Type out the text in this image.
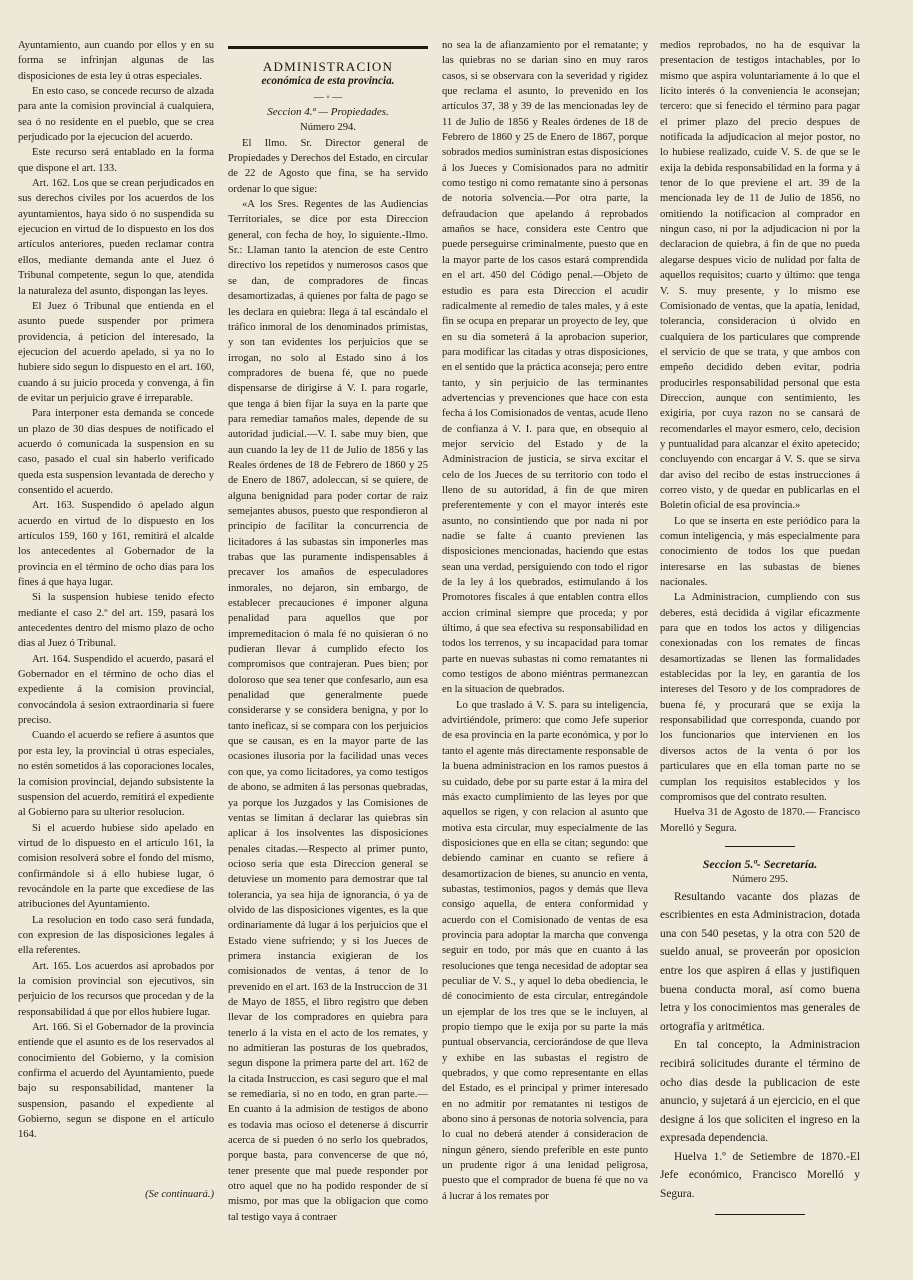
Ayuntamiento, aun cuando por ellos y en su forma se infrinjan algunas de las disposiciones de esta ley ú otras especiales.

En esto caso, se concede recurso de alzada para ante la comision provincial á cualquiera, sea ó no residente en el pueblo, que se crea perjudicado por la ejecucion del acuerdo.

Este recurso será entablado en la forma que dispone el art. 133.

Art. 162. Los que se crean perjudicados en sus derechos civiles por los acuerdos de los ayuntamientos, haya sido ó no suspendida su ejecucion en virtud de lo dispuesto en los dos artículos anteriores, pueden reclamar contra ellos, mediante demanda ante el Juez ó Tribunal competente, segun lo que, atendida la naturaleza del asunto, dispongan las leyes.

El Juez ó Tribunal que entienda en el asunto puede suspender por primera providencia, á peticion del interesado, la ejecucion del acuerdo apelado, si ya no lo hubiere sido segun lo dispuesto en el art. 160, cuando á su juicio proceda y convenga, á fin de evitar un perjuicio grave é irreparable.

Para interponer esta demanda se concede un plazo de 30 dias despues de notificado el acuerdo ó comunicada la suspension en su caso, pasado el cual sin haberlo verificado queda esta suspension levantada de derecho y consentido el acuerdo.

Art. 163. Suspendido ó apelado algun acuerdo en virtud de lo dispuesto en los artículos 159, 160 y 161, remitirá el alcalde los antecedentes al Gobernador de la provincia en el término de ocho dias para los fines á que haya lugar.

Si la suspension hubiese tenido efecto mediante el caso 2.º del art. 159, pasará los antecedentes dentro del mismo plazo de ocho dias al Juez ó Tribunal.

Art. 164. Suspendido el acuerdo, pasará el Gobernador en el término de ocho dias el expediente á la comision provincial, convocándola á sesion extraordinaria si fuere preciso.

Cuando el acuerdo se refiere á asuntos que por esta ley, la provincial ú otras especiales, no estén sometidos á las coporaciones locales, la comision provincial, dejando subsistente la suspension del acuerdo, remitirá el expediente al Gobierno para su ulterior resolucion.

Si el acuerdo hubiese sido apelado en virtud de lo dispuesto en el artículo 161, la comision resolverá sobre el fondo del mismo, confirmándole si á ello hubiese lugar, ó revocándole en la parte que excediese de las atribuciones del Ayuntamiento.

La resolucion en todo caso será fundada, con expresion de las disposiciones legales á ella referentes.

Art. 165. Los acuerdos así aprobados por la comision provincial son ejecutivos, sin perjuicio de los recursos que procedan y de la responsabilidad á que por ellos hubiere lugar.

Art. 166. Si el Gobernador de la provincia entiende que el asunto es de los reservados al conocimiento del Gobierno, y la comision confirma el acuerdo del Ayuntamiento, puede bajo su responsabilidad, mantener la suspension, pasando el expediente al Gobierno, segun se dispone en el artículo 164.

(Se continuará.)

ADMINISTRACION

económica de esta provincia.

— ◦ —

Seccion 4.ª — Propiedades.

Número 294.

El Ilmo. Sr. Director general de Propiedades y Derechos del Estado, en circular de 22 de Agosto que fina, se ha servido ordenar lo que sigue:

«A los Sres. Regentes de las Audiencias Territoriales, se dice por esta Direccion general, con fecha de hoy, lo siguiente.-Ilmo. Sr.: Llaman tanto la atencion de este Centro directivo los repetidos y numerosos casos que se dan, de compradores de fincas desamortizadas, á quienes por falta de pago se les declara en quiebra: llega á tal escándalo el tráfico inmoral de los denominados primistas, y son tan evidentes los perjuicios que se irrogan, no solo al Estado sino á los compradores de buena fé, que no puede dispensarse de dirigirse á V. I. para rogarle, que tenga á bien fijar la suya en la parte que para remediar tamaños males, depende de su autoridad judicial.—V. I. sabe muy bien, que aun cuando la ley de 11 de Julio de 1856 y las Reales órdenes de 18 de Febrero de 1860 y 25 de Enero de 1867, adoleccan, si se quiere, de alguna benignidad para poder cortar de raiz semejantes abusos, puesto que respondieron al principio de facilitar la concurrencia de licitadores á las subastas sin imponerles mas trabas que las puramente indispensables á precaver los amaños de especuladores inmorales, no dejaron, sin embargo, de establecer precauciones é imponer alguna penalidad para aquellos que por impremeditacion ó mala fé no quisieran ó no pudieran llevar á cumplido efecto los compromisos que contrajeran. Pues bien; por doloroso que sea tener que confesarlo, aun esa penalidad que generalmente puede considerarse y se considera benigna, y por lo tanto ineficaz, si se compara con los perjuicios que se causan, es en la mayor parte de las ocasiones ilusoria por la facilidad unas veces con que, ya como licitadores, ya como testigos de abono, se admiten á las personas quebradas, ya porque los Juzgados y las Comisiones de ventas se limitan á declarar las quiebras sin aplicar á los insolventes las disposiciones penales citadas.—Respecto al primer punto, ocioso seria que esta Direccion general se detuviese un momento para demostrar que tal tolerancia, ya sea hija de ignorancia, ó ya de olvido de las disposiciones vigentes, es la que ordinariamente dá lugar á los perjuicios que el Estado viene sufriendo; y si los Jueces de primera instancia exigieran de los comisionados de ventas, á tenor de lo prevenido en el art. 163 de la Instruccion de 31 de Mayo de 1855, el libro registro que deben llevar de los compradores en quiebra para tenerlo á la vista en el acto de los remates, y no admitieran las posturas de los quebrados, segun dispone la primera parte del art. 162 de la citada Instruccion, es casi seguro que el mal se remediaria, si no en todo, en gran parte.—En cuanto á la admision de testigos de abono es todavia mas ocioso el detenerse á discurrir acerca de si pueden ó no serlo los quebrados, porque basta, para convencerse de que nó, tener presente que mal puede responder por otro aquel que no ha podido responder de sí mismo, por mas que la obligacion que como tal testigo vaya á contraer

no sea la de afianzamiento por el rematante; y las quiebras no se darian sino en muy raros casos, si se observara con la severidad y rigidez que reclama el asunto, lo prevenido en los artículos 37, 38 y 39 de las mencionadas ley de 11 de Julio de 1856 y Reales órdenes de 18 de Febrero de 1860 y 25 de Enero de 1867, porque sobrados medios suministran estas disposiciones á los Jueces y Comisionados para no admitir como testigo ni como rematante sino á personas de notoria solvencia.—Por otra parte, la defraudacion que apelando á reprobados amaños se hace, considera este Centro que puede perseguirse criminalmente, puesto que en la mayor parte de los casos estará comprendida en el art. 450 del Código penal.—Objeto de estudio es para esta Direccion el acudir radicalmente al remedio de tales males, y á este fin se ocupa en preparar un proyecto de ley, que en su dia someterá á la aprobacion superior, para modificar las citadas y otras disposiciones, en el sentido que la práctica aconseja; pero entre tanto, y sin perjuicio de las terminantes advertencias y prevenciones que hace con esta fecha á los Comisionados de ventas, acude lleno de confianza á V. I. para que, en obsequio al mejor servicio del Estado y de la Administracion de justicia, se sirva excitar el celo de los Jueces de su territorio con todo el lleno de su autoridad, á fin de que miren preferentemente y con el mayor interés este asunto, no consintiendo que por nada ni por nadie se falte á cuanto previenen las disposiciones mencionadas, haciendo que estas sean una verdad, persiguiendo con todo el rigor de la ley á los quebrados, estimulando á los Promotores fiscales á que entablen contra ellos accion criminal siempre que proceda; y por último, á que sea efectiva su responsabilidad en todos los terrenos, y su incapacidad para tomar parte en nuevas subastas ni como rematantes ni como testigos de abono miéntras permanezcan en la situacion de quebrados.

Lo que traslado á V. S. para su inteligencia, advirtiéndole, primero: que como Jefe superior de esa provincia en la parte económica, y por lo tanto el agente más directamente responsable de la buena administracion en los ramos puestos á su cuidado, debe por su parte estar á la mira del más exacto cumplimiento de las leyes por que aquellos se rigen, y con relacion al asunto que motiva esta circular, muy especialmente de las disposiciones que en ella se citan; segundo: que debiendo caminar en cuanto se refiere á desamortizacion de bienes, su anuncio en venta, subastas, testimonios, pagos y demás que lleva consigo aquella, de entera conformidad y acuerdo con el Comisionado de ventas de esa provincia para adoptar la marcha que convenga seguir en todo, por más que en cuanto á las resoluciones que tenga necesidad de adoptar sea peculiar de V. S., y aquel lo deba obediencia, le dé conocimiento de esta circular, entregándole un ejemplar de los tres que se le incluyen, al propio tiempo que le exija por su parte la más puntual observancia, cerciorándose de que lleva y exhibe en las subastas el registro de quebrados, y que como representante en ellas del Estado, es el principal y primer interesado en no admitir por rematantes ni testigos de abono sino á personas de notoria solvencia, para lo cual no deberá atender á consideracion de ningun género, siendo preferible en este punto un prudente rigor á una lenidad peligrosa, puesto que el comprador de buena fé que no va á lucrar á los remates por

medios reprobados, no ha de esquivar la presentacion de testigos intachables, por lo mismo que aspira voluntariamente á lo que el lícito interés ó la conveniencia le aconsejan; tercero: que si fenecido el término para pagar el primer plazo del precio despues de notificada la adjudicacion al mejor postor, no lo hubiese realizado, cuide V. S. de que se le exija la debida responsabilidad en la forma y á tenor de lo que previene el art. 39 de la mencionada ley de 11 de Julio de 1856, no omitiendo la notificacion al comprador en ningun caso, ni por la adjudicacion ni por la declaracion de quiebra, á fin de que no pueda alegarse despues vicio de nulidad por falta de aquellos requisitos; cuarto y último: que tenga V. S. muy presente, y lo mismo ese Comisionado de ventas, que la apatía, lenidad, tolerancia, consideracion ú olvido en cualquiera de los particulares que comprende el servicio de que se trata, y que ambos con empeño decidido deben evitar, podria producirles responsabilidad personal que esta Direccion, aunque con sentimiento, les exigiria, por cuya razon no se cansará de recomendarles el mayor esmero, celo, decision y puntualidad para alcanzar el éxito apetecido; concluyendo con encargar á V. S. que se sirva dar aviso del recibo de estas instrucciones á correo visto, y de quedar en publicarlas en el Boletin oficial de esa provincia.»

Lo que se inserta en este periódico para la comun inteligencia, y más especialmente para conocimiento de todos los que puedan interesarse en las subastas de bienes nacionales.

La Administracion, cumpliendo con sus deberes, está decidida á vigilar eficazmente para que en todos los actos y diligencias conexionadas con los remates de fincas desamortizadas se llenen las formalidades establecidas por la ley, en garantía de los intereses del Tesoro y de los compradores de buena fé, y procurará que se exija la responsabilidad que corresponda, cuando por los funcionarios que intervienen en los diversos actos de la venta ó por los particulares que en ella toman parte no se cumplan los requisitos establecidos y los compromisos que del contrato resulten.

Huelva 31 de Agosto de 1870.— Francisco Morelló y Segura.

Seccion 5.ª- Secretaría.

Número 295.

Resultando vacante dos plazas de escribientes en esta Administracion, dotada una con 540 pesetas, y la otra con 520 de sueldo anual, se proveerán por oposicion entre los que aspiren á ellas y justifiquen buena conducta moral, así como buena letra y los conocimientos mas generales de ortografía y aritmética.

En tal concepto, la Administracion recibirá solicitudes durante el término de ocho dias desde la publicacion de este anuncio, y sujetará á un ejercicio, en el que designe á los que soliciten el ingreso en la expresada dependencia.

Huelva 1.º de Setiembre de 1870.-El Jefe económico, Francisco Morelló y Segura.
